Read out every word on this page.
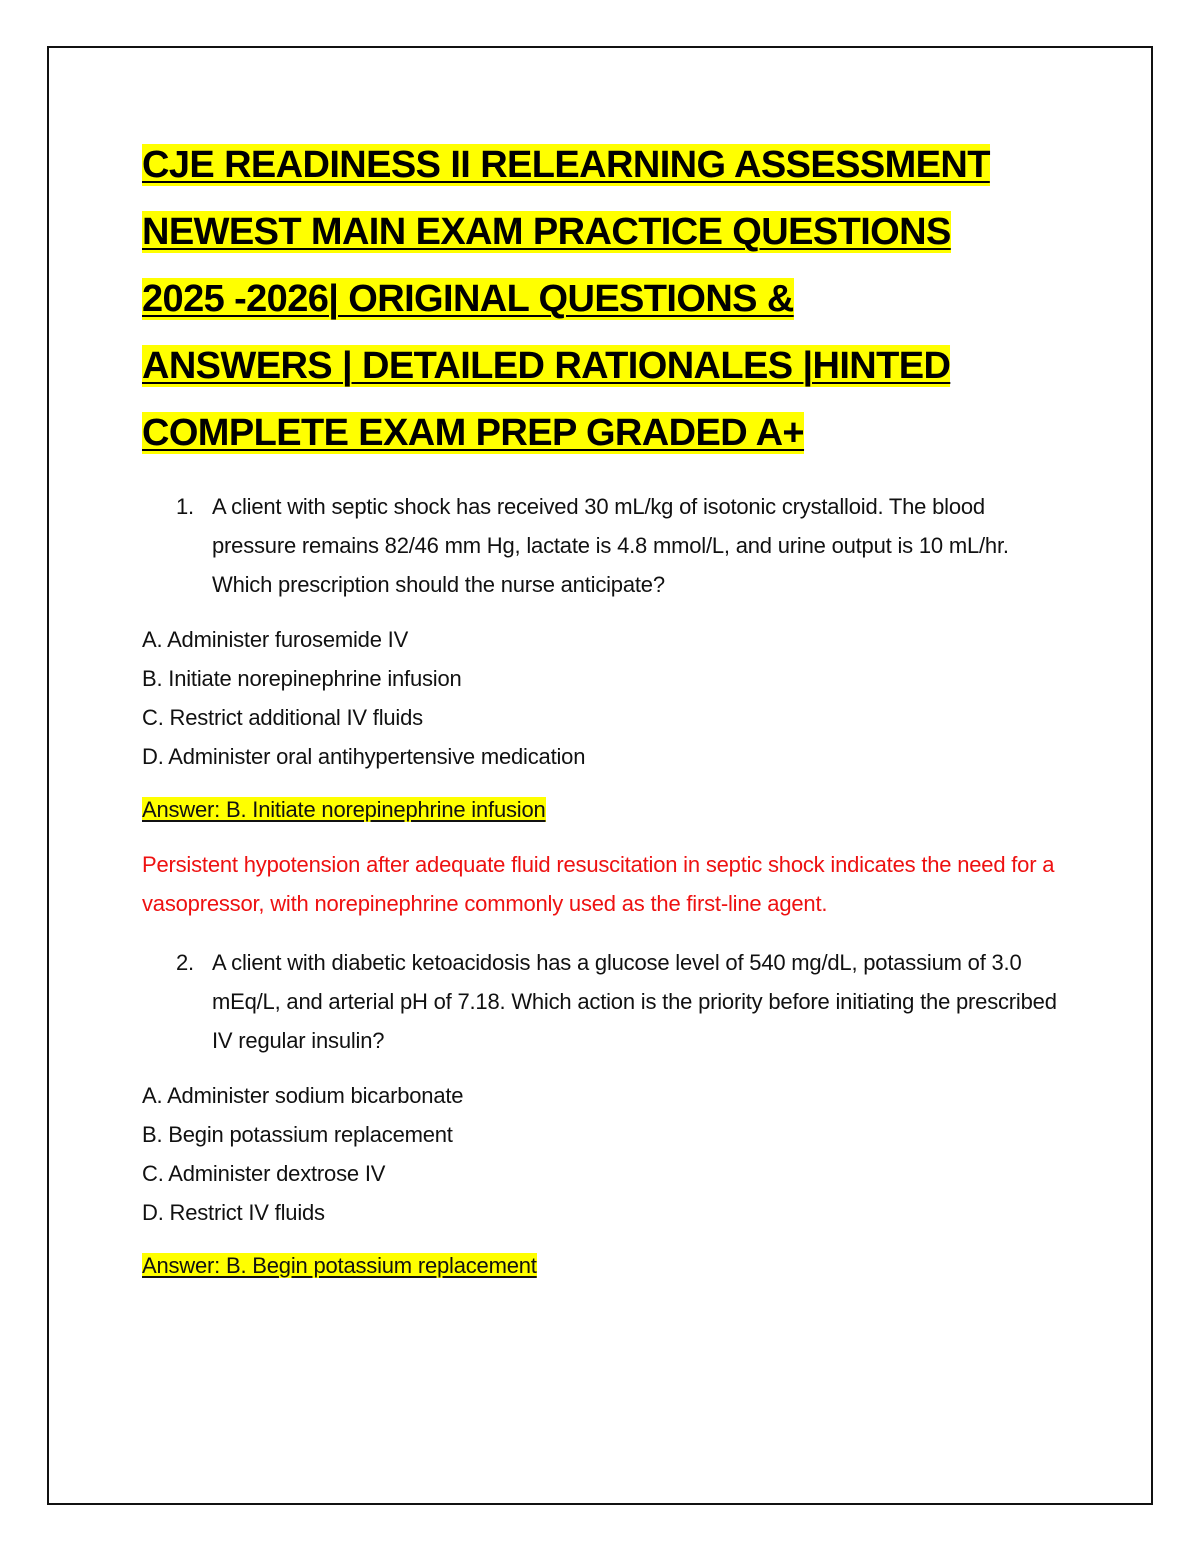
CJE READINESS II RELEARNING ASSESSMENT
NEWEST MAIN EXAM PRACTICE QUESTIONS
2025 -2026| ORIGINAL QUESTIONS &
ANSWERS | DETAILED RATIONALES |HINTED
COMPLETE EXAM PREP GRADED A+

1. A client with septic shock has received 30 mL/kg of isotonic crystalloid. The blood pressure remains 82/46 mm Hg, lactate is 4.8 mmol/L, and urine output is 10 mL/hr. Which prescription should the nurse anticipate?

A. Administer furosemide IV
B. Initiate norepinephrine infusion
C. Restrict additional IV fluids
D. Administer oral antihypertensive medication

Answer: B. Initiate norepinephrine infusion

Persistent hypotension after adequate fluid resuscitation in septic shock indicates the need for a vasopressor, with norepinephrine commonly used as the first-line agent.

2. A client with diabetic ketoacidosis has a glucose level of 540 mg/dL, potassium of 3.0 mEq/L, and arterial pH of 7.18. Which action is the priority before initiating the prescribed IV regular insulin?

A. Administer sodium bicarbonate
B. Begin potassium replacement
C. Administer dextrose IV
D. Restrict IV fluids

Answer: B. Begin potassium replacement
